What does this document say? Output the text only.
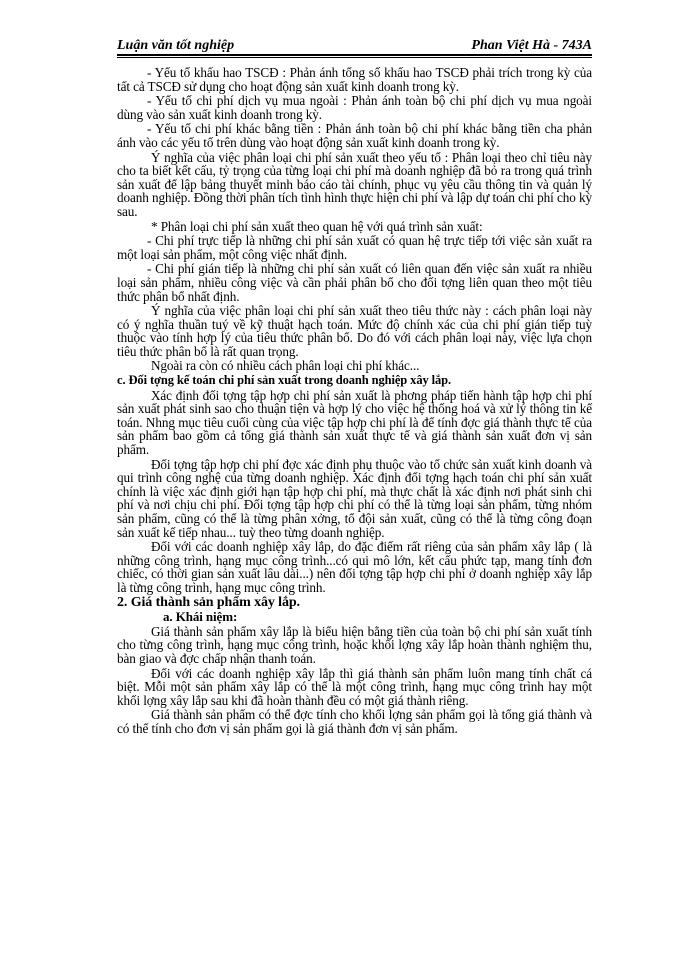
Luận văn tốt nghiệp	Phan Việt Hà - 743A

- Yếu tố khấu hao TSCĐ : Phản ánh tổng số khấu hao TSCĐ phải trích trong kỳ của tất cả TSCĐ sử dụng cho hoạt động sản xuất kinh doanh trong kỳ.

- Yếu tố chi phí dịch vụ mua ngoài : Phản ánh toàn bộ chi phí dịch vụ mua ngoài dùng vào sản xuất kinh doanh trong kỳ.

- Yếu tố chi phí khác bằng tiền : Phản ánh toàn bộ chi phí khác bằng tiền cha phản ánh vào các yếu tố trên dùng vào hoạt động sản xuất kinh doanh trong kỳ.

Ý nghĩa của việc phân loại chi phí sản xuất theo yếu tố : Phân loại theo chỉ tiêu này cho ta biết kết cấu, tỷ trọng của từng loại chi phí mà doanh nghiệp đã bỏ ra trong quá trình sản xuất để lập bảng thuyết minh báo cáo tài chính, phục vụ yêu cầu thông tin và quản lý doanh nghiệp. Đồng thời phân tích tình hình thực hiện chi phí và lập dự toán chi phí cho kỳ sau.

* Phân loại chi phí sản xuất theo quan hệ với quá trình sản xuất:

- Chi phí trực tiếp là những chi phí sản xuất có quan hệ trực tiếp tới việc sản xuất ra một loại sản phẩm, một công việc nhất định.

- Chi phí gián tiếp là những chi phí sản xuất có liên quan đến việc sản xuất ra nhiều loại sản phẩm, nhiều công việc và cần phải phân bổ cho đối tợng liên quan theo một tiêu thức phân bổ nhất định.

Ý nghĩa của việc phân loại chi phí sản xuất theo tiêu thức này : cách phân loại này có ý nghĩa thuần tuý về kỹ thuật hạch toán. Mức độ chính xác của chi phí gián tiếp tuỳ thuộc vào tính hợp lý của tiêu thức phân bổ. Do đó với cách phân loại này, việc lựa chọn tiêu thức phân bổ là rất quan trọng.

Ngoài ra còn có nhiều cách phân loại chi phí khác...

c. Đối tợng kế toán chi phí sản xuất trong doanh nghiệp xây lắp.

Xác định đối tợng tập hợp chi phí sản xuất là phơng pháp tiến hành tập hợp chi phí sản xuất phát sinh sao cho thuận tiện và hợp lý cho việc hệ thống hoá và xử lý thông tin kế toán. Nhng mục tiêu cuối cùng của việc tập hợp chi phí là để tính đợc giá thành thực tế của sản phẩm bao gồm cả tổng giá thành sản xuất thực tế và giá thành sản xuất đơn vị sản phẩm.

Đối tợng tập hợp chi phí đợc xác định phụ thuộc vào tổ chức sản xuất kinh doanh và qui trình công nghệ của từng doanh nghiệp. Xác định đối tợng hạch toán chi phí sản xuất chính là việc xác định giới hạn tập hợp chi phí, mà thực chất là xác định nơi phát sinh chi phí và nơi chịu chi phí. Đối tợng tập hợp chi phí có thể là từng loại sản phẩm, từng nhóm sản phẩm, cũng có thể là từng phân xởng, tổ đội sản xuất, cũng có thể là từng công đoạn sản xuất kế tiếp nhau... tuỳ theo từng doanh nghiệp.

Đối với các doanh nghiệp xây lắp, do đặc điểm rất riêng của sản phẩm xây lắp ( là những công trình, hạng mục công trình...có qui mô lớn, kết cấu phức tạp, mang tính đơn chiếc, có thời gian sản xuất lâu dài...) nên đối tợng tập hợp chi phí ở doanh nghiệp xây lắp là từng công trình, hạng mục công trình.

2. Giá thành sản phẩm xây lắp.

a. Khái niệm:

Giá thành sản phẩm xây lắp là biểu hiện bằng tiền của toàn bộ chi phí sản xuất tính cho từng công trình, hạng mục công trình, hoặc khối lợng xây lắp hoàn thành nghiệm thu, bàn giao và đợc chấp nhận thanh toán.

Đối với các doanh nghiệp xây lắp thì giá thành sản phẩm luôn mang tính chất cá biệt. Mỗi một sản phẩm xây lắp có thể là một công trình, hạng mục công trình hay một khối lợng xây lắp sau khi đã hoàn thành đều có một giá thành riêng.

Giá thành sản phẩm có thể đợc tính cho khối lợng sản phẩm gọi là tổng giá thành và có thể tính cho đơn vị sản phẩm gọi là giá thành đơn vị sản phẩm.
